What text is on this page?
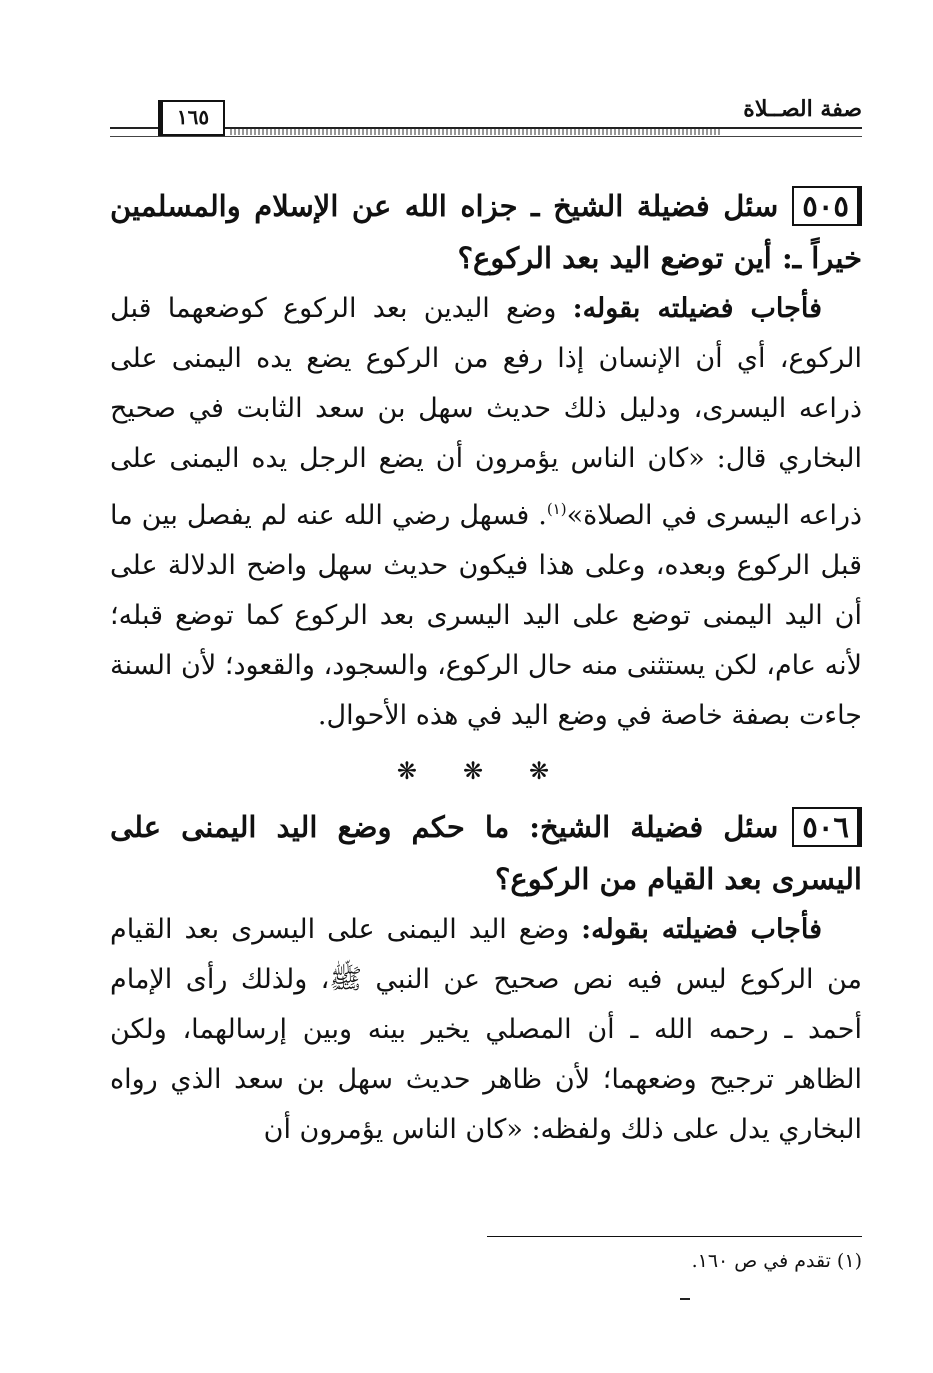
صفة الصــلاة
١٦٥

٥٠٥سئل فضيلة الشيخ ـ جزاه الله عن الإسلام والمسلمين خيراً ـ: أين توضع اليد بعد الركوع؟

فأجاب فضيلته بقوله: وضع اليدين بعد الركوع كوضعهما قبل الركوع، أي أن الإنسان إذا رفع من الركوع يضع يده اليمنى على ذراعه اليسرى، ودليل ذلك حديث سهل بن سعد الثابت في صحيح البخاري قال: «كان الناس يؤمرون أن يضع الرجل يده اليمنى على ذراعه اليسرى في الصلاة»$^{(١)}$. فسهل رضي الله عنه لم يفصل بين ما قبل الركوع وبعده، وعلى هذا فيكون حديث سهل واضح الدلالة على أن اليد اليمنى توضع على اليد اليسرى بعد الركوع كما توضع قبله؛ لأنه عام، لكن يستثنى منه حال الركوع، والسجود، والقعود؛ لأن السنة جاءت بصفة خاصة في وضع اليد في هذه الأحوال.

❋❋❋

٥٠٦سئل فضيلة الشيخ: ما حكم وضع اليد اليمنى على اليسرى بعد القيام من الركوع؟

فأجاب فضيلته بقوله: وضع اليد اليمنى على اليسرى بعد القيام من الركوع ليس فيه نص صحيح عن النبي ﷺ، ولذلك رأى الإمام أحمد ـ رحمه الله ـ أن المصلي يخير بينه وبين إرسالهما، ولكن الظاهر ترجيح وضعهما؛ لأن ظاهر حديث سهل بن سعد الذي رواه البخاري يدل على ذلك ولفظه: «كان الناس يؤمرون أن

(١) تقدم في ص ١٦٠.
